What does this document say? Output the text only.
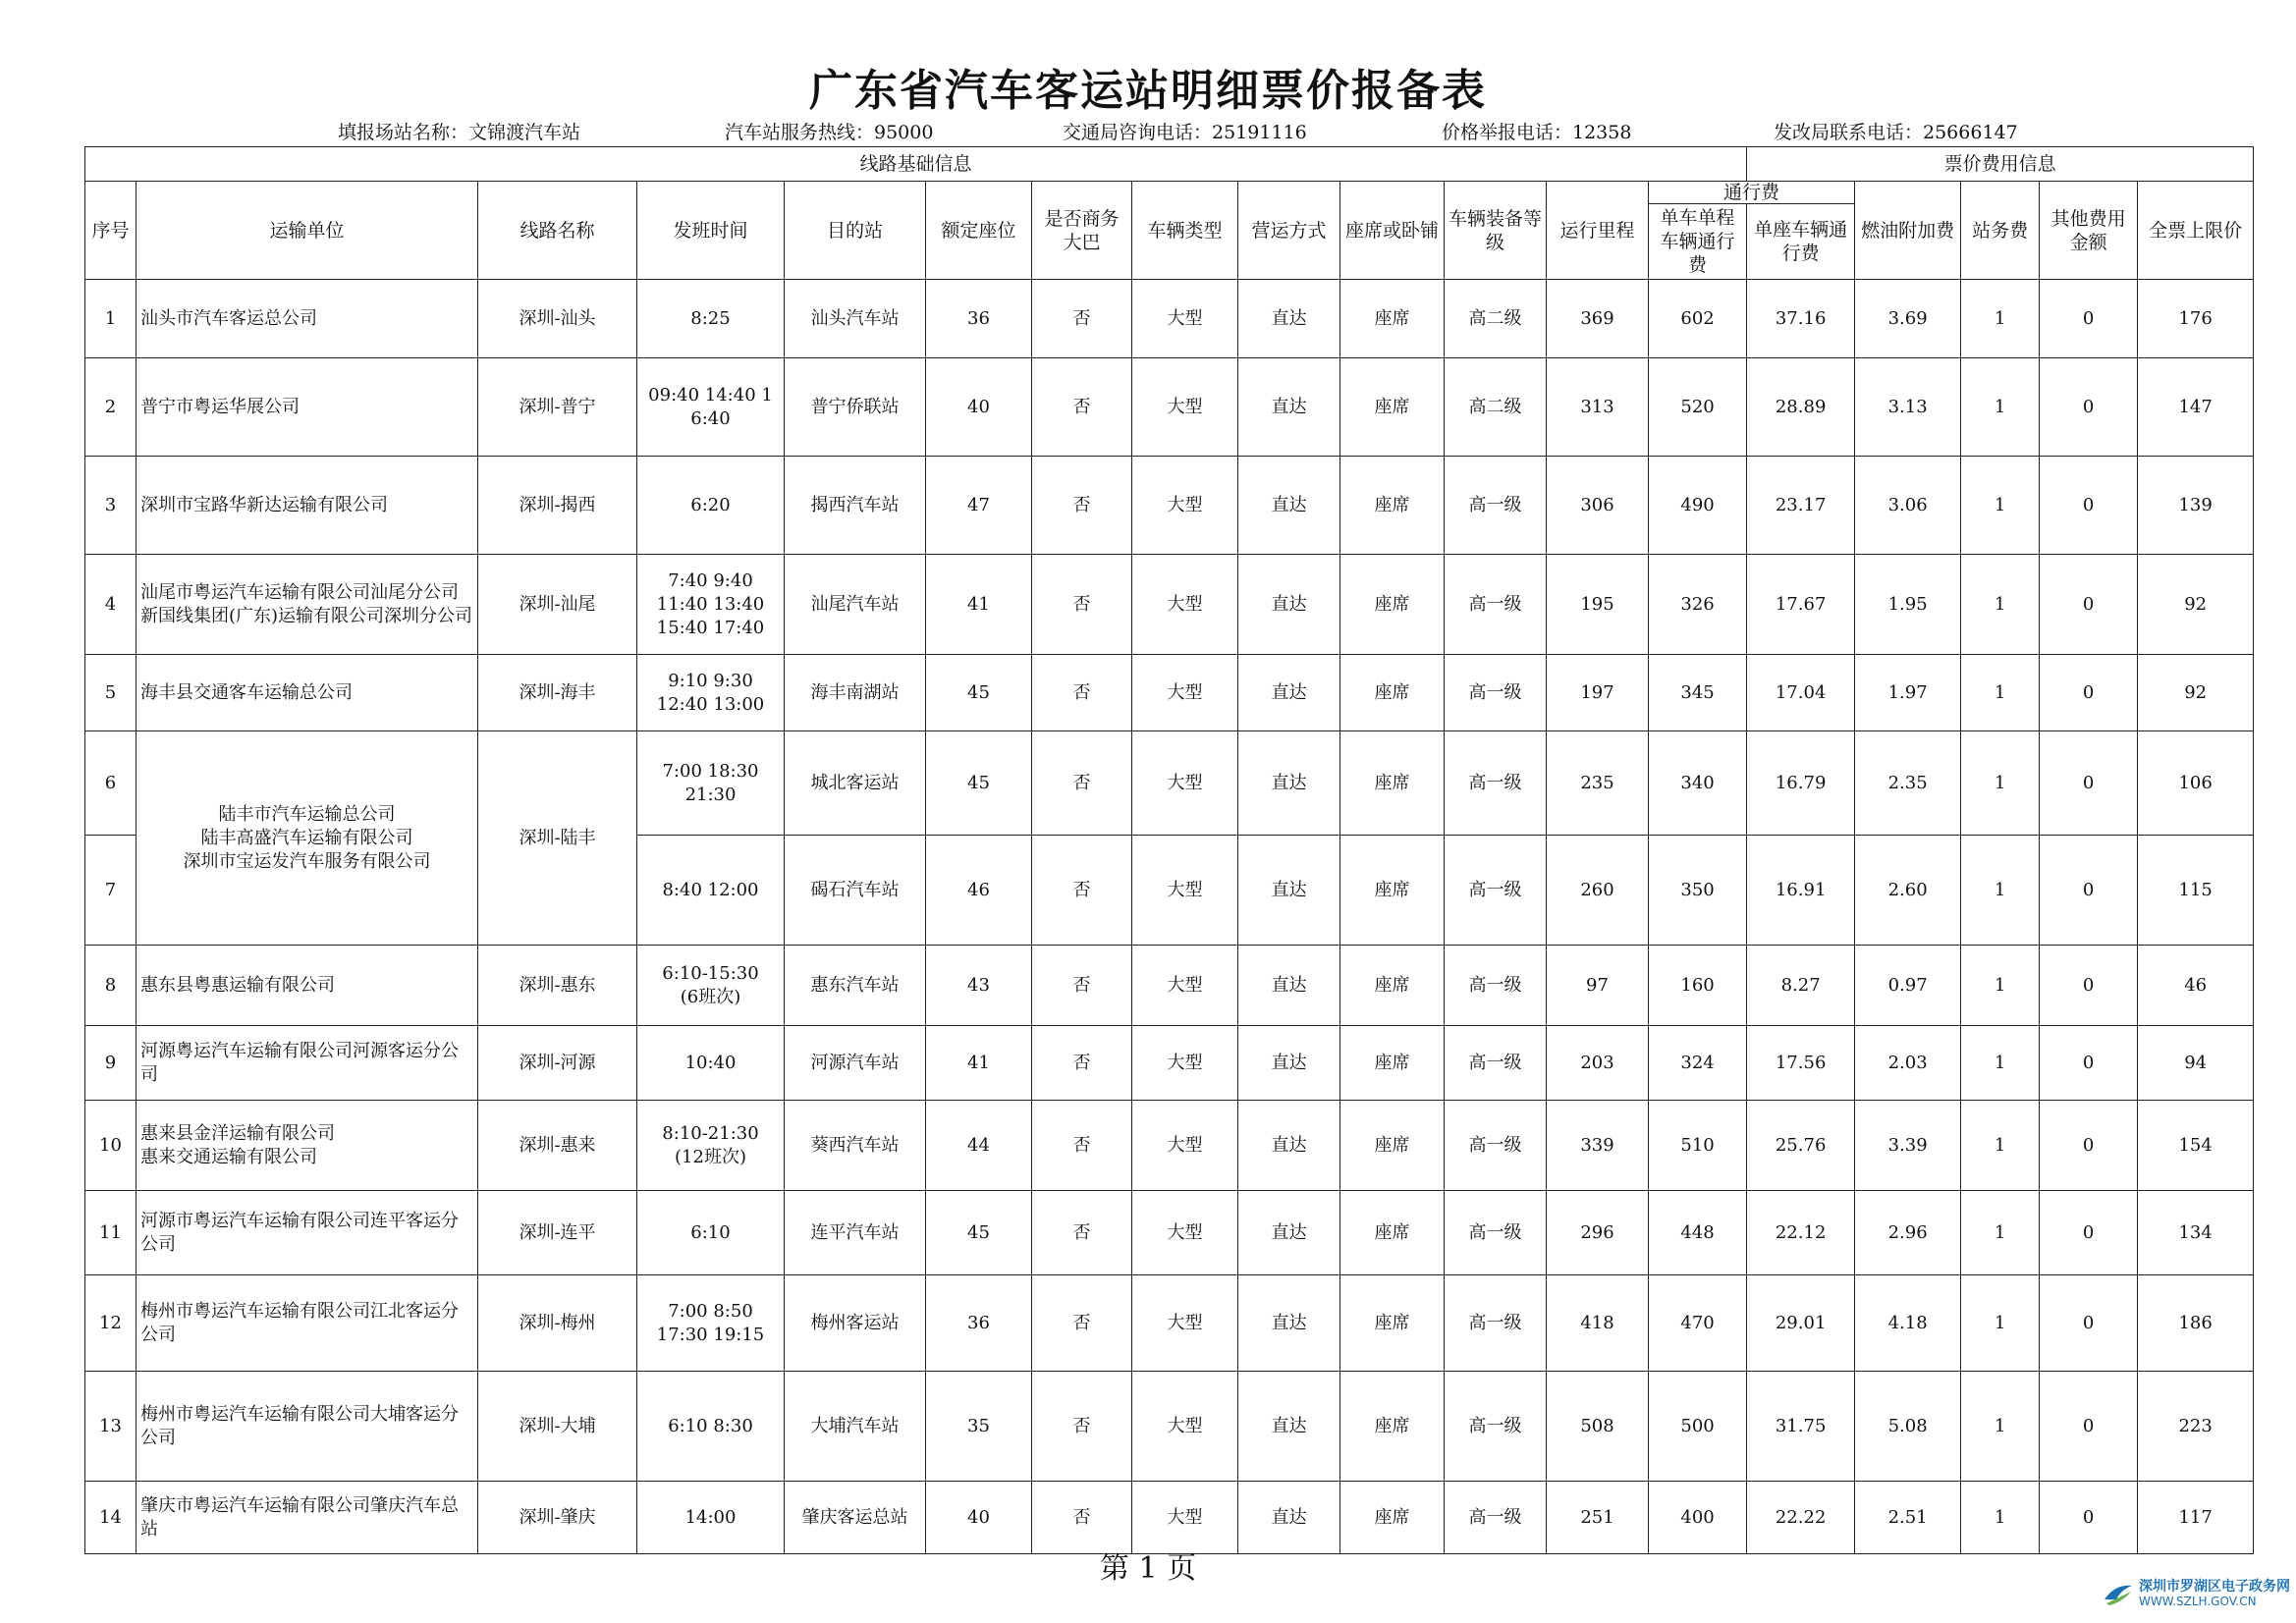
广东省汽车客运站明细票价报备表
填报场站名称：文锦渡汽车站	汽车站服务热线：95000	交通局咨询电话：25191116	价格举报电话：12358	发改局联系电话：25666147
线路基础信息													票价费用信息				
序号	运输单位	线路名称	发班时间	目的站	额定座位	是否商务大巴	车辆类型	营运方式	座席或卧铺	车辆装备等级	运行里程	通行费		燃油附加费	站务费	其他费用金额	全票上限价
												单车单程车辆通行费	单座车辆通行费				
1	汕头市汽车客运总公司	深圳-汕头	8:25	汕头汽车站	36	否	大型	直达	座席	高二级	369	602	37.16	3.69	1	0	176
2	普宁市粤运华展公司	深圳-普宁	09:40 14:40 16:40	普宁侨联站	40	否	大型	直达	座席	高二级	313	520	28.89	3.13	1	0	147
3	深圳市宝路华新达运输有限公司	深圳-揭西	6:20	揭西汽车站	47	否	大型	直达	座席	高一级	306	490	23.17	3.06	1	0	139
4	汕尾市粤运汽车运输有限公司汕尾分公司
新国线集团(广东)运输有限公司深圳分公司	深圳-汕尾	7:40 9:40
11:40 13:40
15:40 17:40	汕尾汽车站	41	否	大型	直达	座席	高一级	195	326	17.67	1.95	1	0	92
5	海丰县交通客车运输总公司	深圳-海丰	9:10 9:30
12:40 13:00	海丰南湖站	45	否	大型	直达	座席	高一级	197	345	17.04	1.97	1	0	92
6	陆丰市汽车运输总公司
陆丰高盛汽车运输有限公司
深圳市宝运发汽车服务有限公司	深圳-陆丰	7:00 18:30
21:30	城北客运站	45	否	大型	直达	座席	高一级	235	340	16.79	2.35	1	0	106
7			8:40 12:00	碣石汽车站	46	否	大型	直达	座席	高一级	260	350	16.91	2.60	1	0	115
8	惠东县粤惠运输有限公司	深圳-惠东	6:10-15:30
(6班次)	惠东汽车站	43	否	大型	直达	座席	高一级	97	160	8.27	0.97	1	0	46
9	河源粤运汽车运输有限公司河源客运分公司	深圳-河源	10:40	河源汽车站	41	否	大型	直达	座席	高一级	203	324	17.56	2.03	1	0	94
10	惠来县金洋运输有限公司
惠来交通运输有限公司	深圳-惠来	8:10-21:30
(12班次)	葵西汽车站	44	否	大型	直达	座席	高一级	339	510	25.76	3.39	1	0	154
11	河源市粤运汽车运输有限公司连平客运分公司	深圳-连平	6:10	连平汽车站	45	否	大型	直达	座席	高一级	296	448	22.12	2.96	1	0	134
12	梅州市粤运汽车运输有限公司江北客运分公司	深圳-梅州	7:00 8:50
17:30 19:15	梅州客运站	36	否	大型	直达	座席	高一级	418	470	29.01	4.18	1	0	186
13	梅州市粤运汽车运输有限公司大埔客运分公司	深圳-大埔	6:10 8:30	大埔汽车站	35	否	大型	直达	座席	高一级	508	500	31.75	5.08	1	0	223
14	肇庆市粤运汽车运输有限公司肇庆汽车总站	深圳-肇庆	14:00	肇庆客运总站	40	否	大型	直达	座席	高一级	251	400	22.22	2.51	1	0	117
第 1 页
深圳市罗湖区电子政务网
WWW.SZLH.GOV.CN
